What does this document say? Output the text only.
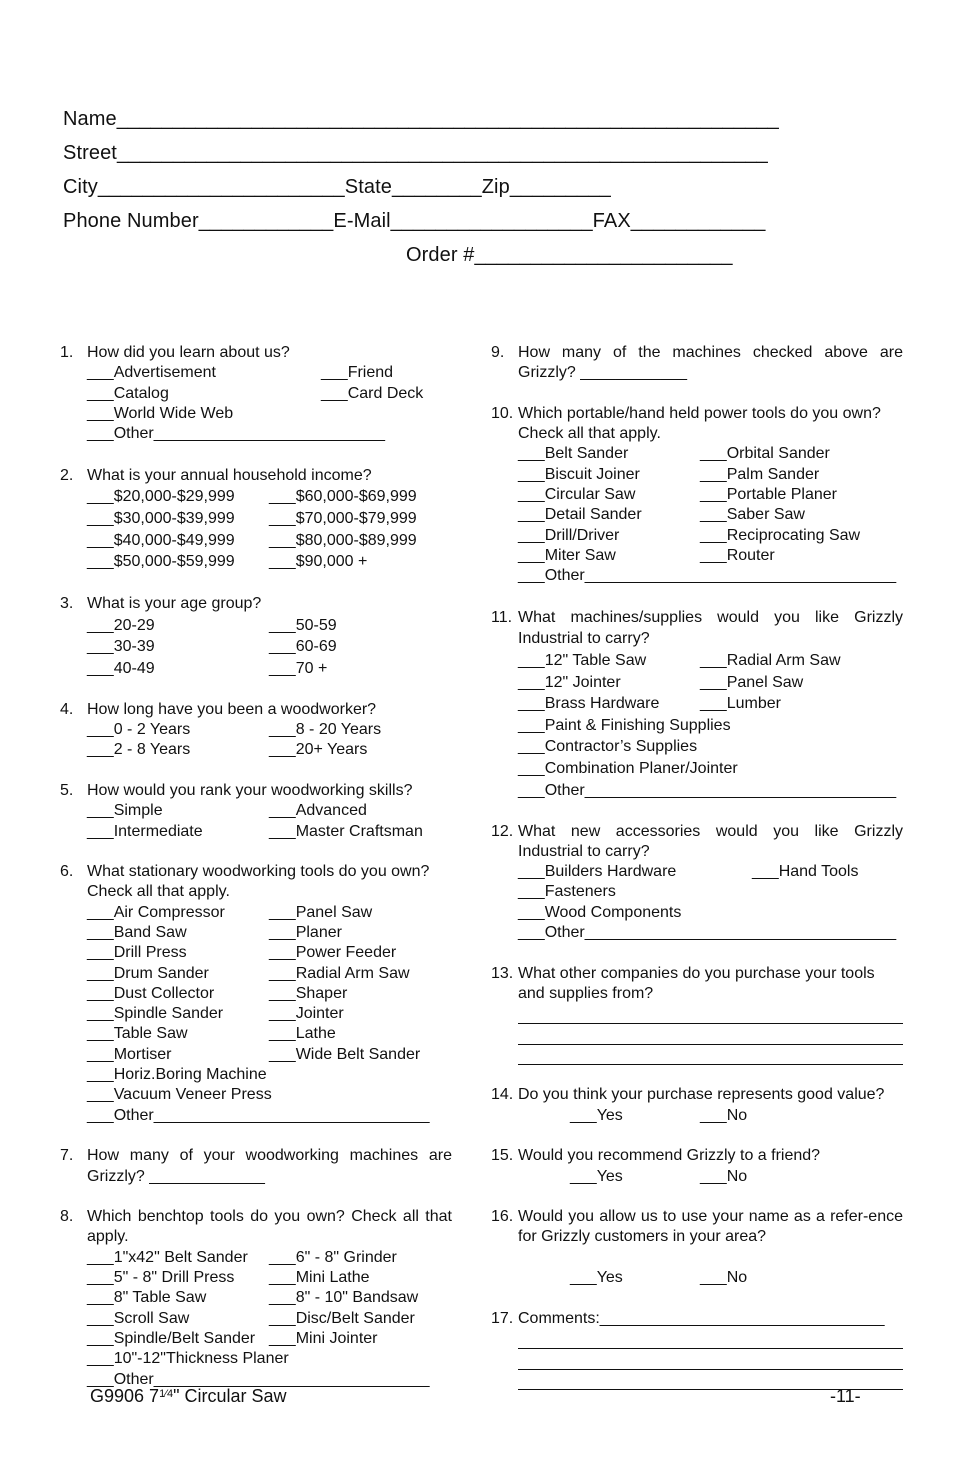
Name___________________________________________________________
Street__________________________________________________________
City______________________State________Zip_________
Phone Number____________E-Mail__________________FAX____________
Order #_______________________
1. How did you learn about us?
___Advertisement	___Friend
___Catalog	___Card Deck
___World Wide Web

___Other__________________________

2. What is your annual household income?
___$20,000-$29,999	___$60,000-$69,999
___$30,000-$39,999	___$70,000-$79,999
___$40,000-$49,999	___$80,000-$89,999
___$50,000-$59,999	___$90,000 +
3. What is your age group?
___20-29	___50-59
___30-39	___60-69
___40-49	___70 +
4. How long have you been a woodworker?
___0 - 2 Years	___8 - 20 Years
___2 - 8 Years	___20+ Years
5. How would you rank your woodworking skills?
___Simple	___Advanced
___Intermediate	___Master Craftsman
6. What stationary woodworking tools do you own? Check all that apply.
___Air Compressor	___Panel Saw
___Band Saw	___Planer
___Drill Press	___Power Feeder
___Drum Sander	___Radial Arm Saw
___Dust Collector	___Shaper
___Spindle Sander	___Jointer
___Table Saw	___Lathe
___Mortiser	___Wide Belt Sander
___Horiz.Boring Machine

___Vacuum Veneer Press

___Other_______________________________

7. How many of your woodworking machines are Grizzly? _____________
8. Which benchtop tools do you own? Check all that apply.
___1"x42" Belt Sander	___6" - 8" Grinder
___5" - 8" Drill Press	___Mini Lathe
___8" Table Saw	___8" - 10" Bandsaw
___Scroll Saw	___Disc/Belt Sander
___Spindle/Belt Sander ___Mini Jointer
___10"-12"Thickness Planer

___Other_______________________________

9. How many of the machines checked above are Grizzly? ____________
10. Which portable/hand held power tools do you own? Check all that apply.
___Belt Sander	___Orbital Sander
___Biscuit Joiner	___Palm Sander
___Circular Saw	___Portable Planer
___Detail Sander	___Saber Saw
___Drill/Driver	___Reciprocating Saw
___Miter Saw	___Router
___Other___________________________________

11. What machines/supplies would you like Grizzly Industrial to carry?
___12" Table Saw	___Radial Arm Saw
___12" Jointer	___Panel Saw
___Brass Hardware	___Lumber
___Paint & Finishing Supplies

___Contractor’s Supplies

___Combination Planer/Jointer

___Other___________________________________

12. What new accessories would you like Grizzly Industrial to carry?
___Builders Hardware	___Hand Tools
___Fasteners

___Wood Components

___Other___________________________________

13. What other companies do you purchase your tools and supplies from?
14. Do you think your purchase represents good value?
___Yes	___No
15. Would you recommend Grizzly to a friend?
___Yes	___No
16. Would you allow us to use your name as a refer-ence for Grizzly customers in your area?

___Yes	___No
17. Comments:________________________________
G9906 $7^{1⁄4}$" Circular Saw	-11-
